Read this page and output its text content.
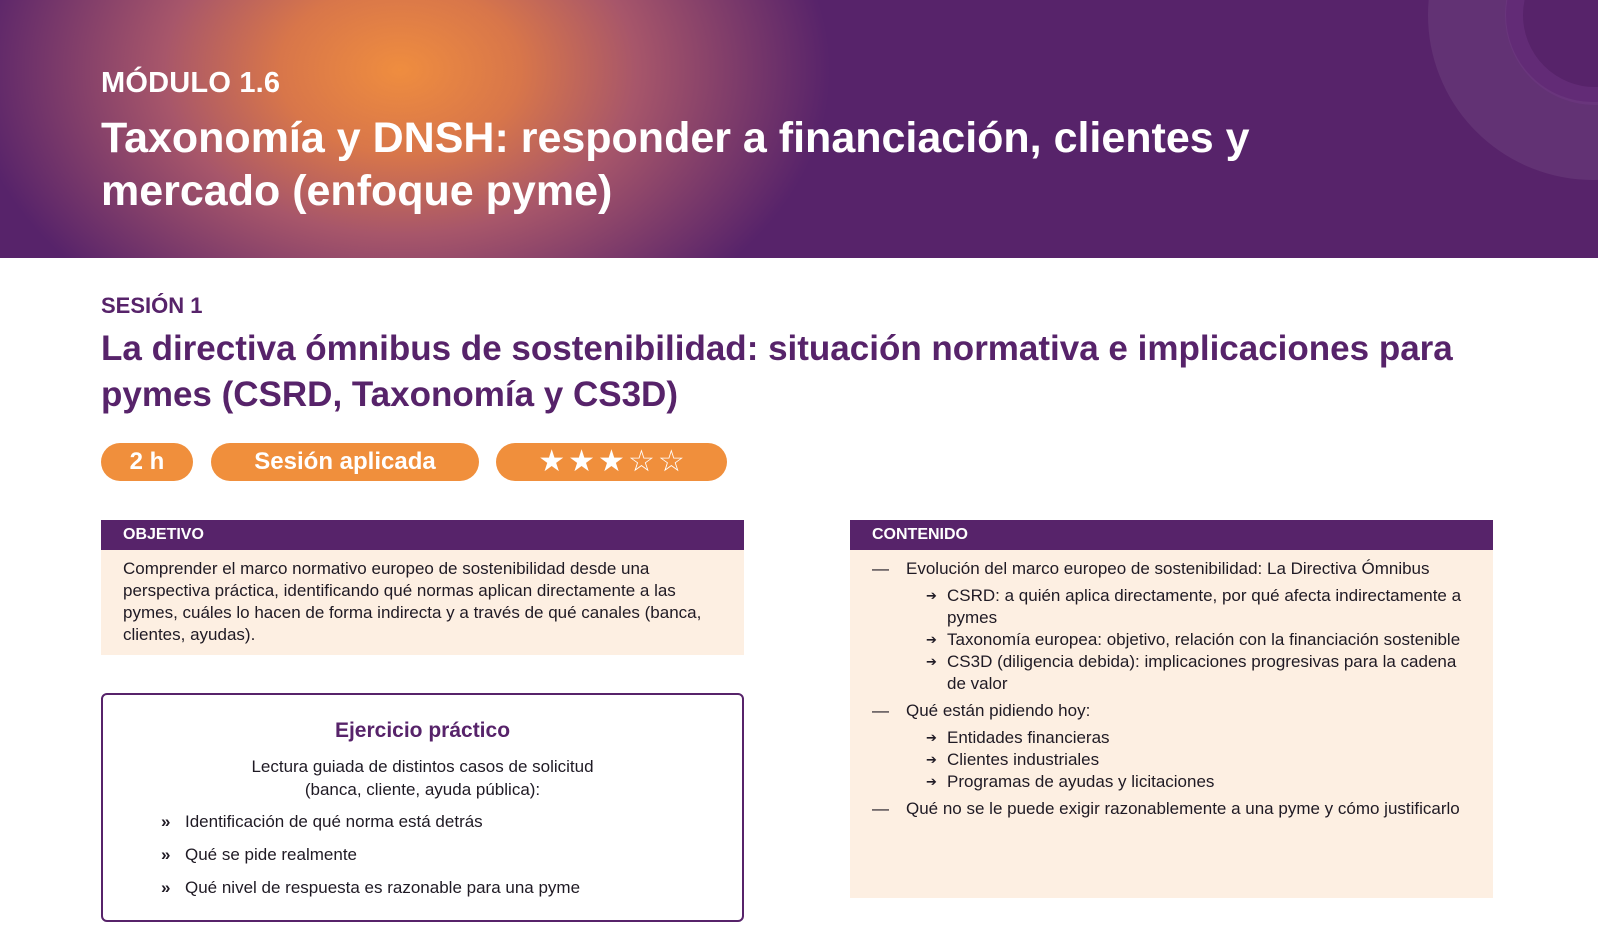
MÓDULO 1.6
Taxonomía y DNSH: responder a financiación, clientes y mercado (enfoque pyme)
SESIÓN 1
La directiva ómnibus de sostenibilidad: situación normativa e implicaciones para pymes (CSRD, Taxonomía y CS3D)
2 h	Sesión aplicada	★ ★ ★ ☆ ☆
OBJETIVO

Comprender el marco normativo europeo de sostenibilidad desde una perspectiva práctica, identificando qué normas aplican directamente a las pymes, cuáles lo hacen de forma indirecta y a través de qué canales (banca, clientes, ayudas).

Ejercicio práctico
Lectura guiada de distintos casos de solicitud
(banca, cliente, ayuda pública):
» Identificación de qué norma está detrás
» Qué se pide realmente
» Qué nivel de respuesta es razonable para una pyme
CONTENIDO
—	Evolución del marco europeo de sostenibilidad: La Directiva Ómnibus
➔ CSRD: a quién aplica directamente, por qué afecta indirectamente a pymes
➔ Taxonomía europea: objetivo, relación con la financiación sostenible
➔ CS3D (diligencia debida): implicaciones progresivas para la cadena de valor
—	Qué están pidiendo hoy:
➔ Entidades financieras
➔ Clientes industriales
➔ Programas de ayudas y licitaciones
—	Qué no se le puede exigir razonablemente a una pyme y cómo justificarlo
